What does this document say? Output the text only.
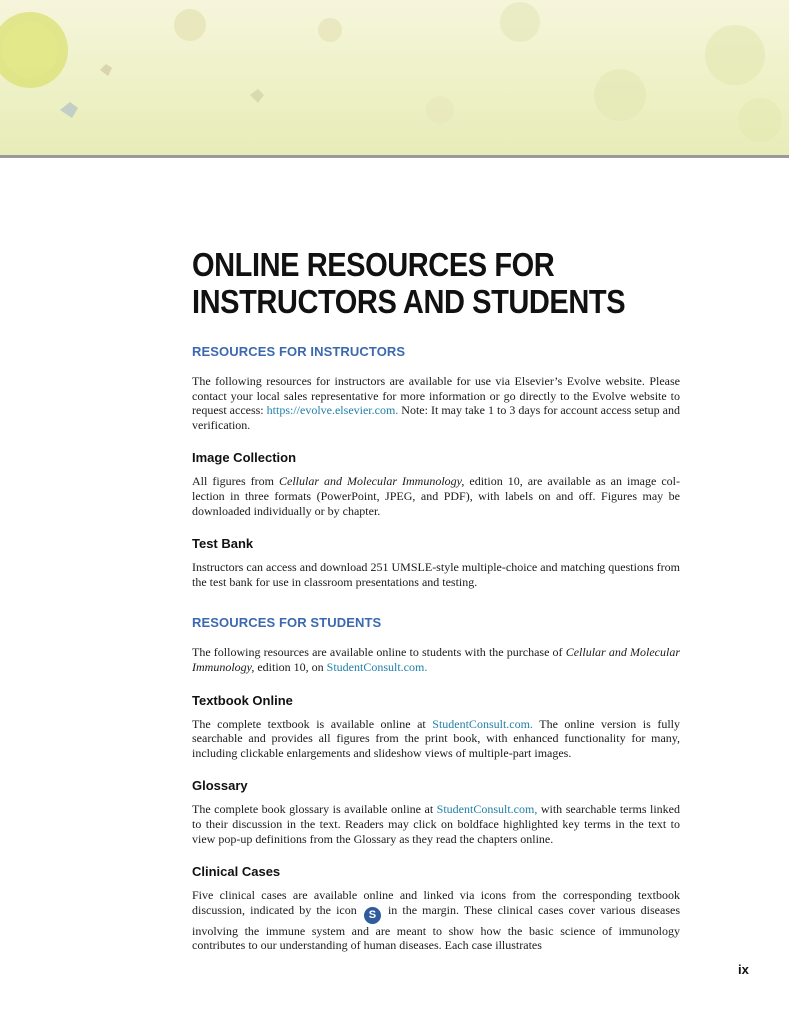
ONLINE RESOURCES FOR
INSTRUCTORS AND STUDENTS
RESOURCES FOR INSTRUCTORS

The following resources for instructors are available for use via Elsevier’s Evolve website. Please contact your local sales representative for more information or go directly to the Evolve website to request access: https://evolve.elsevier.com. Note: It may take 1 to 3 days for account access setup and verification.

Image Collection

All figures from Cellular and Molecular Immunology, edition 10, are available as an image collection in three formats (PowerPoint, JPEG, and PDF), with labels on and off. Figures may be downloaded individually or by chapter.

Test Bank

Instructors can access and download 251 UMSLE-style multiple-choice and matching questions from the test bank for use in classroom presentations and testing.

RESOURCES FOR STUDENTS

The following resources are available online to students with the purchase of Cellular and Molecular Immunology, edition 10, on StudentConsult.com.

Textbook Online

The complete textbook is available online at StudentConsult.com. The online version is fully searchable and provides all figures from the print book, with enhanced functionality for many, including clickable enlargements and slideshow views of multiple-part images.

Glossary

The complete book glossary is available online at StudentConsult.com, with searchable terms linked to their discussion in the text. Readers may click on boldface highlighted key terms in the text to view pop-up definitions from the Glossary as they read the chapters online.

Clinical Cases

Five clinical cases are available online and linked via icons from the corresponding textbook discussion, indicated by the icon S in the margin. These clinical cases cover various diseases involving the immune system and are meant to show how the basic science of immunology contributes to our understanding of human diseases. Each case illustrates

ix
